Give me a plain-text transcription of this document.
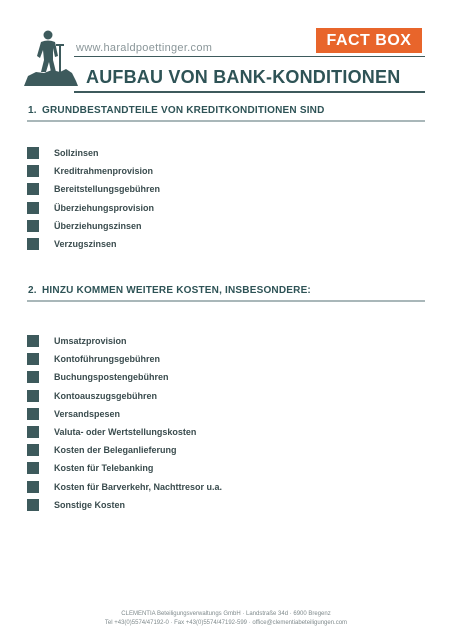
www.haraldpoettinger.com	FACT BOX
AUFBAU VON BANK-KONDITIONEN
1. GRUNDBESTANDTEILE VON KREDITKONDITIONEN SIND
Sollzinsen
Kreditrahmenprovision
Bereitstellungsgebühren
Überziehungsprovision
Überziehungszinsen
Verzugszinsen
2. HINZU KOMMEN WEITERE KOSTEN, INSBESONDERE:
Umsatzprovision
Kontoführungsgebühren
Buchungspostengebühren
Kontoauszugsgebühren
Versandspesen
Valuta- oder Wertstellungskosten
Kosten der Beleganlieferung
Kosten für Telebanking
Kosten für Barverkehr, Nachttresor u.a.
Sonstige Kosten
CLEMENTIA Beteiligungsverwaltungs GmbH · Landstraße 34d · 6900 Bregenz
Tel +43(0)5574/47192-0 · Fax +43(0)5574/47192-599 · office@clementiabeteiligungen.com
